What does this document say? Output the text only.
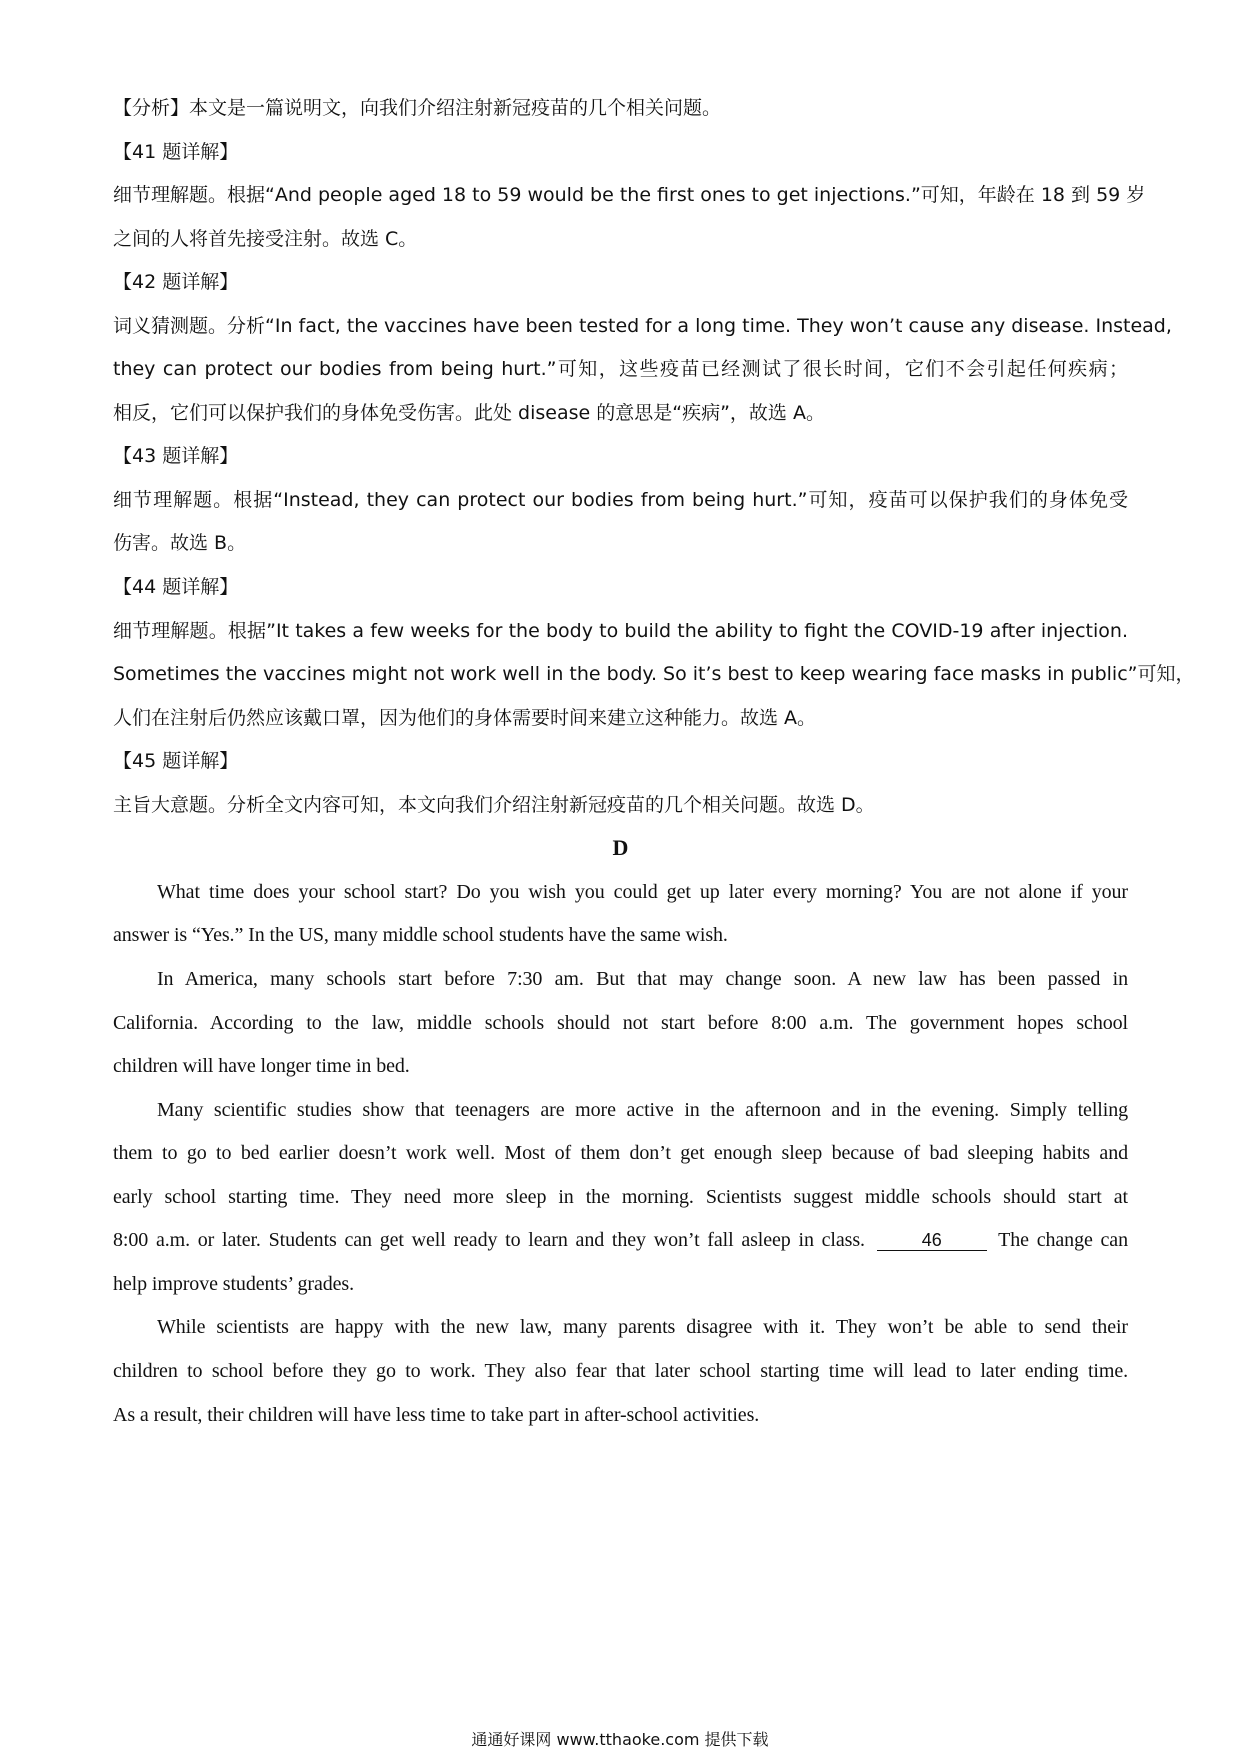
【分析】本文是一篇说明文，向我们介绍注射新冠疫苗的几个相关问题。
【41 题详解】
细节理解题。根据“And people aged 18 to 59 would be the first ones to get injections.”可知，年龄在 18 到 59 岁
之间的人将首先接受注射。故选 C。
【42 题详解】
词义猜测题。分析“In fact, the vaccines have been tested for a long time. They won’t cause any disease. Instead,
they can protect our bodies from being hurt.”可知，这些疫苗已经测试了很长时间，它们不会引起任何疾病；
相反，它们可以保护我们的身体免受伤害。此处 disease 的意思是“疾病”，故选 A。
【43 题详解】
细节理解题。根据“Instead, they can protect our bodies from being hurt.”可知，疫苗可以保护我们的身体免受
伤害。故选 B。
【44 题详解】
细节理解题。根据”It takes a few weeks for the body to build the ability to fight the COVID-19 after injection.
Sometimes the vaccines might not work well in the body. So it’s best to keep wearing face masks in public”可知，
人们在注射后仍然应该戴口罩，因为他们的身体需要时间来建立这种能力。故选 A。
【45 题详解】
主旨大意题。分析全文内容可知，本文向我们介绍注射新冠疫苗的几个相关问题。故选 D。
D
What time does your school start? Do you wish you could get up later every morning? You are not alone if your
answer is “Yes.” In the US, many middle school students have the same wish.
In America, many schools start before 7:30 am. But that may change soon. A new law has been passed in
California. According to the law, middle schools should not start before 8:00 a.m. The government hopes school
children will have longer time in bed.
Many scientific studies show that teenagers are more active in the afternoon and in the evening. Simply telling
them to go to bed earlier doesn’t work well. Most of them don’t get enough sleep because of bad sleeping habits and
early school starting time. They need more sleep in the morning. Scientists suggest middle schools should start at
8:00 a.m. or later. Students can get well ready to learn and they won’t fall asleep in class.	46	The change can
help improve students’ grades.
While scientists are happy with the new law, many parents disagree with it. They won’t be able to send their
children to school before they go to work. They also fear that later school starting time will lead to later ending time.
As a result, their children will have less time to take part in after-school activities.
通通好课网 www.tthaoke.com 提供下载
